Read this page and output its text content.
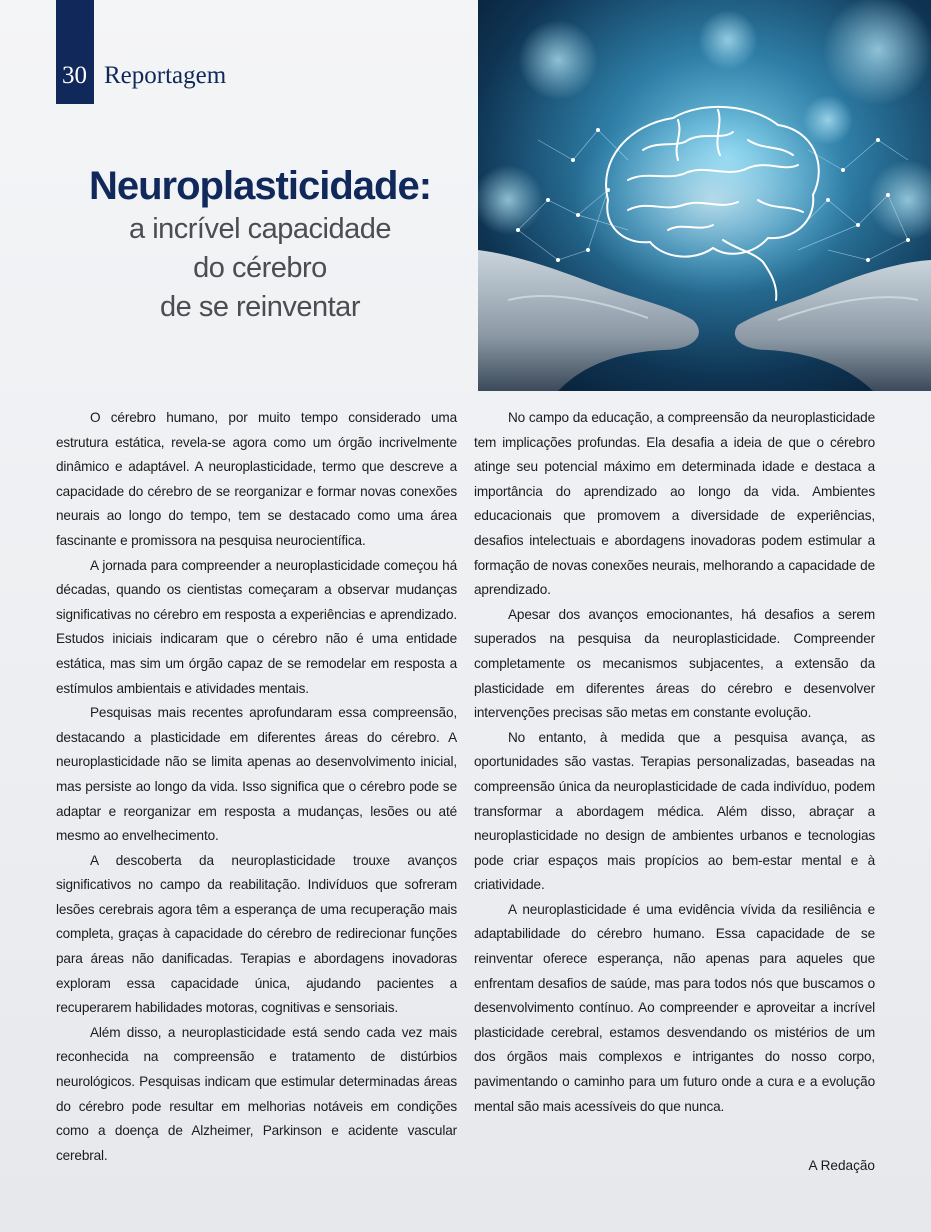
30 Reportagem
Neuroplasticidade:
a incrível capacidade
do cérebro
de se reinventar

O cérebro humano, por muito tempo considerado uma estrutura estática, revela-se agora como um órgão incrivelmente dinâmico e adaptável. A neuroplasticidade, termo que descreve a capacidade do cérebro de se reorganizar e formar novas conexões neurais ao longo do tempo, tem se destacado como uma área fascinante e promissora na pesquisa neurocientífica.

A jornada para compreender a neuroplasticidade começou há décadas, quando os cientistas começaram a observar mudanças significativas no cérebro em resposta a experiências e aprendizado. Estudos iniciais indicaram que o cérebro não é uma entidade estática, mas sim um órgão capaz de se remodelar em resposta a estímulos ambientais e atividades mentais.

Pesquisas mais recentes aprofundaram essa compreensão, destacando a plasticidade em diferentes áreas do cérebro. A neuroplasticidade não se limita apenas ao desenvolvimento inicial, mas persiste ao longo da vida. Isso significa que o cérebro pode se adaptar e reorganizar em resposta a mudanças, lesões ou até mesmo ao envelhecimento.

A descoberta da neuroplasticidade trouxe avanços significativos no campo da reabilitação. Indivíduos que sofreram lesões cerebrais agora têm a esperança de uma recuperação mais completa, graças à capacidade do cérebro de redirecionar funções para áreas não danificadas. Terapias e abordagens inovadoras exploram essa capacidade única, ajudando pacientes a recuperarem habilidades motoras, cognitivas e sensoriais.

Além disso, a neuroplasticidade está sendo cada vez mais reconhecida na compreensão e tratamento de distúrbios neurológicos. Pesquisas indicam que estimular determinadas áreas do cérebro pode resultar em melhorias notáveis em condições como a doença de Alzheimer, Parkinson e acidente vascular cerebral.

No campo da educação, a compreensão da neuroplasticidade tem implicações profundas. Ela desafia a ideia de que o cérebro atinge seu potencial máximo em determinada idade e destaca a importância do aprendizado ao longo da vida. Ambientes educacionais que promovem a diversidade de experiências, desafios intelectuais e abordagens inovadoras podem estimular a formação de novas conexões neurais, melhorando a capacidade de aprendizado.

Apesar dos avanços emocionantes, há desafios a serem superados na pesquisa da neuroplasticidade. Compreender completamente os mecanismos subjacentes, a extensão da plasticidade em diferentes áreas do cérebro e desenvolver intervenções precisas são metas em constante evolução.

No entanto, à medida que a pesquisa avança, as oportunidades são vastas. Terapias personalizadas, baseadas na compreensão única da neuroplasticidade de cada indivíduo, podem transformar a abordagem médica. Além disso, abraçar a neuroplasticidade no design de ambientes urbanos e tecnologias pode criar espaços mais propícios ao bem-estar mental e à criatividade.

A neuroplasticidade é uma evidência vívida da resiliência e adaptabilidade do cérebro humano. Essa capacidade de se reinventar oferece esperança, não apenas para aqueles que enfrentam desafios de saúde, mas para todos nós que buscamos o desenvolvimento contínuo. Ao compreender e aproveitar a incrível plasticidade cerebral, estamos desvendando os mistérios de um dos órgãos mais complexos e intrigantes do nosso corpo, pavimentando o caminho para um futuro onde a cura e a evolução mental são mais acessíveis do que nunca.

A Redação
